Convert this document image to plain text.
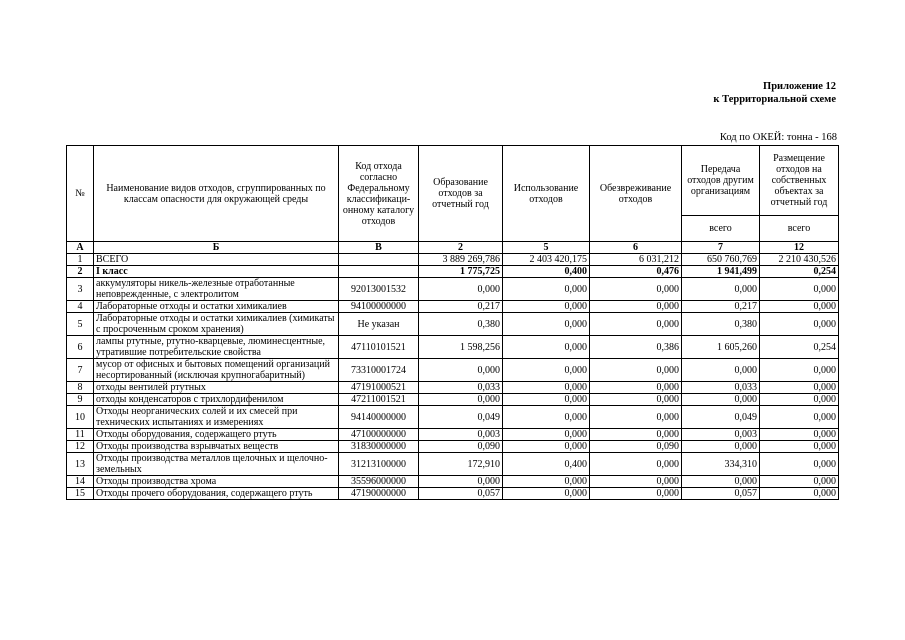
Приложение 12
к Территориальной схеме
Код по ОКЕЙ: тонна - 168
№	Наименование видов отходов, сгруппированных по классам опасности для окружающей среды	Код отхода согласно Федеральному классификаци-онному каталогу отходов	Образование отходов за отчетный год	Использование отходов	Обезвреживание отходов	Передача отходов другим организациям	Размещение отходов на собственных объектах за отчетный год
						всего	всего
А	Б	В	2	5	6	7	12
1	ВСЕГО		3 889 269,786	2 403 420,175	6 031,212	650 760,769	2 210 430,526
2	I класс		1 775,725	0,400	0,476	1 941,499	0,254
3	аккумуляторы никель-железные отработанные неповрежденные, с электролитом	92013001532	0,000	0,000	0,000	0,000	0,000
4	Лабораторные отходы и остатки химикалиев	94100000000	0,217	0,000	0,000	0,217	0,000
5	Лабораторные отходы и остатки химикалиев (химикаты с просроченным сроком хранения)	Не указан	0,380	0,000	0,000	0,380	0,000
6	лампы ртутные, ртутно-кварцевые, люминесцентные, утратившие потребительские свойства	47110101521	1 598,256	0,000	0,386	1 605,260	0,254
7	мусор от офисных и бытовых помещений организаций несортированный (исключая крупногабаритный)	73310001724	0,000	0,000	0,000	0,000	0,000
8	отходы вентилей ртутных	47191000521	0,033	0,000	0,000	0,033	0,000
9	отходы конденсаторов с трихлордифенилом	47211001521	0,000	0,000	0,000	0,000	0,000
10	Отходы неорганических солей и их смесей при технических испытаниях и измерениях	94140000000	0,049	0,000	0,000	0,049	0,000
11	Отходы оборудования, содержащего ртуть	47100000000	0,003	0,000	0,000	0,003	0,000
12	Отходы производства взрывчатых веществ	31830000000	0,090	0,000	0,090	0,000	0,000
13	Отходы производства металлов щелочных и щелочно-земельных	31213100000	172,910	0,400	0,000	334,310	0,000
14	Отходы производства хрома	35596000000	0,000	0,000	0,000	0,000	0,000
15	Отходы прочего оборудования, содержащего ртуть	47190000000	0,057	0,000	0,000	0,057	0,000
